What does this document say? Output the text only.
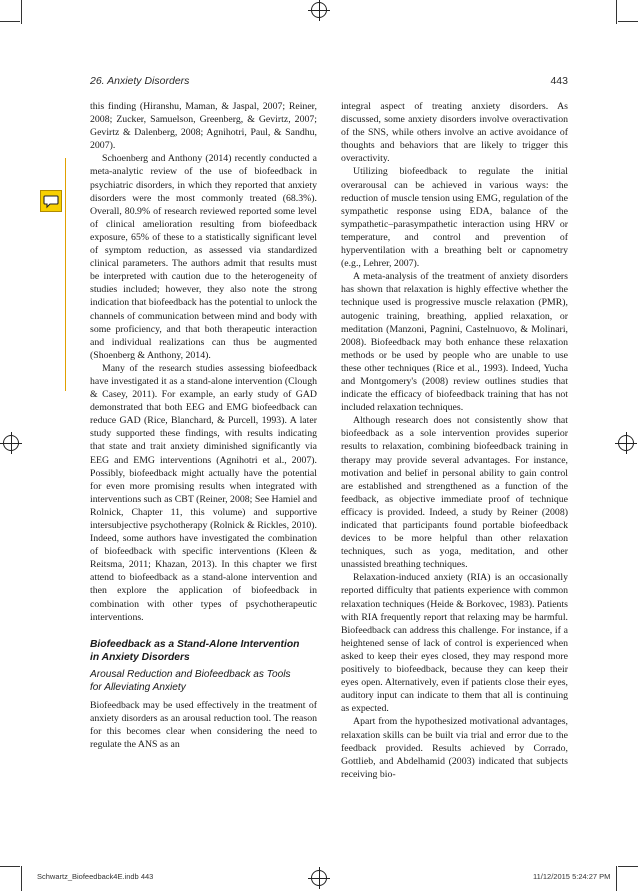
26. Anxiety Disorders	443

this finding (Hiranshu, Maman, & Jaspal, 2007; Reiner, 2008; Zucker, Samuelson, Greenberg, & Gevirtz, 2007; Gevirtz & Dalenberg, 2008; Agnihotri, Paul, & Sandhu, 2007).

Schoenberg and Anthony (2014) recently conducted a meta-analytic review of the use of biofeedback in psychiatric disorders, in which they reported that anxiety disorders were the most commonly treated (68.3%). Overall, 80.9% of research reviewed reported some level of clinical amelioration resulting from biofeedback exposure, 65% of these to a statistically significant level of symptom reduction, as assessed via standardized clinical parameters. The authors admit that results must be interpreted with caution due to the heterogeneity of studies included; however, they also note the strong indication that biofeedback has the potential to unlock the channels of communication between mind and body with some proficiency, and that both therapeutic interaction and individual realizations can thus be augmented (Shoenberg & Anthony, 2014).

Many of the research studies assessing biofeedback have investigated it as a stand-alone intervention (Clough & Casey, 2011). For example, an early study of GAD demonstrated that both EEG and EMG biofeedback can reduce GAD (Rice, Blanchard, & Purcell, 1993). A later study supported these findings, with results indicating that state and trait anxiety diminished significantly via EEG and EMG interventions (Agnihotri et al., 2007). Possibly, biofeedback might actually have the potential for even more promising results when integrated with interventions such as CBT (Reiner, 2008; See Hamiel and Rolnick, Chapter 11, this volume) and supportive intersubjective psychotherapy (Rolnick & Rickles, 2010). Indeed, some authors have investigated the combination of biofeedback with specific interventions (Kleen & Reitsma, 2011; Khazan, 2013). In this chapter we first attend to biofeedback as a stand-alone intervention and then explore the application of biofeedback in combination with other types of psychotherapeutic interventions.

Biofeedback as a Stand-Alone Intervention
in Anxiety Disorders
Arousal Reduction and Biofeedback as Tools
for Alleviating Anxiety

Biofeedback may be used effectively in the treatment of anxiety disorders as an arousal reduction tool. The reason for this becomes clear when considering the need to regulate the ANS as an

integral aspect of treating anxiety disorders. As discussed, some anxiety disorders involve overactivation of the SNS, while others involve an active avoidance of thoughts and behaviors that are likely to trigger this overactivity.

Utilizing biofeedback to regulate the initial overarousal can be achieved in various ways: the reduction of muscle tension using EMG, regulation of the sympathetic response using EDA, balance of the sympathetic–parasympathetic interaction using HRV or temperature, and control and prevention of hyperventilation with a breathing belt or capnometry (e.g., Lehrer, 2007).

A meta-analysis of the treatment of anxiety disorders has shown that relaxation is highly effective whether the technique used is progressive muscle relaxation (PMR), autogenic training, breathing, applied relaxation, or meditation (Manzoni, Pagnini, Castelnuovo, & Molinari, 2008). Biofeedback may both enhance these relaxation methods or be used by people who are unable to use these other techniques (Rice et al., 1993). Indeed, Yucha and Montgomery's (2008) review outlines studies that indicate the efficacy of biofeedback training that has not included relaxation techniques.

Although research does not consistently show that biofeedback as a sole intervention provides superior results to relaxation, combining biofeedback training in therapy may provide several advantages. For instance, motivation and belief in personal ability to gain control are established and strengthened as a function of the feedback, as objective immediate proof of technique efficacy is provided. Indeed, a study by Reiner (2008) indicated that participants found portable biofeedback devices to be more helpful than other relaxation techniques, such as yoga, meditation, and other unassisted breathing techniques.

Relaxation-induced anxiety (RIA) is an occasionally reported difficulty that patients experience with common relaxation techniques (Heide & Borkovec, 1983). Patients with RIA frequently report that relaxing may be harmful. Biofeedback can address this challenge. For instance, if a heightened sense of lack of control is experienced when asked to keep their eyes closed, they may respond more positively to biofeedback, because they can keep their eyes open. Alternatively, even if patients close their eyes, auditory input can indicate to them that all is continuing as expected.

Apart from the hypothesized motivational advantages, relaxation skills can be built via trial and error due to the feedback provided. Results achieved by Corrado, Gottlieb, and Abdelhamid (2003) indicated that subjects receiving bio-

Schwartz_Biofeedback4E.indb 443	11/12/2015 5:24:27 PM
